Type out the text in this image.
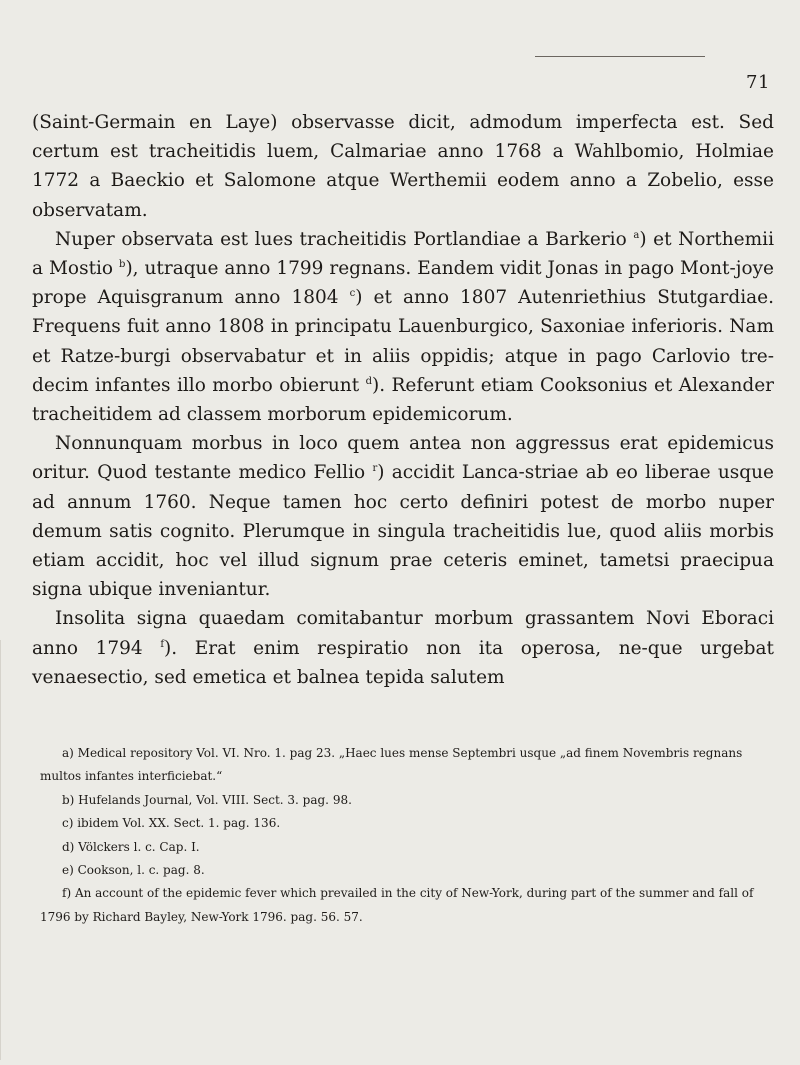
71

(Saint-Germain en Laye) observasse dicit, admodum imperfecta est. Sed certum est tracheitidis luem, Calmariae anno 1768 a Wahlbomio, Holmiae 1772 a Baeckio et Salomone atque Werthemii eodem anno a Zobelio, esse observatam.

Nuper observata est lues tracheitidis Portlandiae a Barkerio $^a$) et Northemii a Mostio $^b$), utraque anno 1799 regnans. Eandem vidit Jonas in pago Mont-joye prope Aquisgranum anno 1804 $^c$) et anno 1807 Autenriethius Stutgardiae. Frequens fuit anno 1808 in principatu Lauenburgico, Saxoniae inferioris. Nam et Ratze-burgi observabatur et in aliis oppidis; atque in pago Carlovio tre-decim infantes illo morbo obierunt $^d$). Referunt etiam Cooksonius et Alexander tracheitidem ad classem morborum epidemicorum.

Nonnunquam morbus in loco quem antea non aggressus erat epidemicus oritur. Quod testante medico Fellio $^r$) accidit Lanca-striae ab eo liberae usque ad annum 1760. Neque tamen hoc certo definiri potest de morbo nuper demum satis cognito. Plerumque in singula tracheitidis lue, quod aliis morbis etiam accidit, hoc vel illud signum prae ceteris eminet, tametsi praecipua signa ubique inveniantur.

Insolita signa quaedam comitabantur morbum grassantem Novi Eboraci anno 1794 $^f$). Erat enim respiratio non ita operosa, ne-que urgebat venaesectio, sed emetica et balnea tepida salutem

a) Medical repository Vol. VI. Nro. 1. pag 23. „Haec lues mense Septembri usque „ad finem Novembris regnans multos infantes interficiebat.“

b) Hufelands Journal, Vol. VIII. Sect. 3. pag. 98.

c) ibidem Vol. XX. Sect. 1. pag. 136.

d) Völckers l. c. Cap. I.

e) Cookson, l. c. pag. 8.

f) An account of the epidemic fever which prevailed in the city of New-York, during part of the summer and fall of 1796 by Richard Bayley, New-York 1796. pag. 56. 57.
